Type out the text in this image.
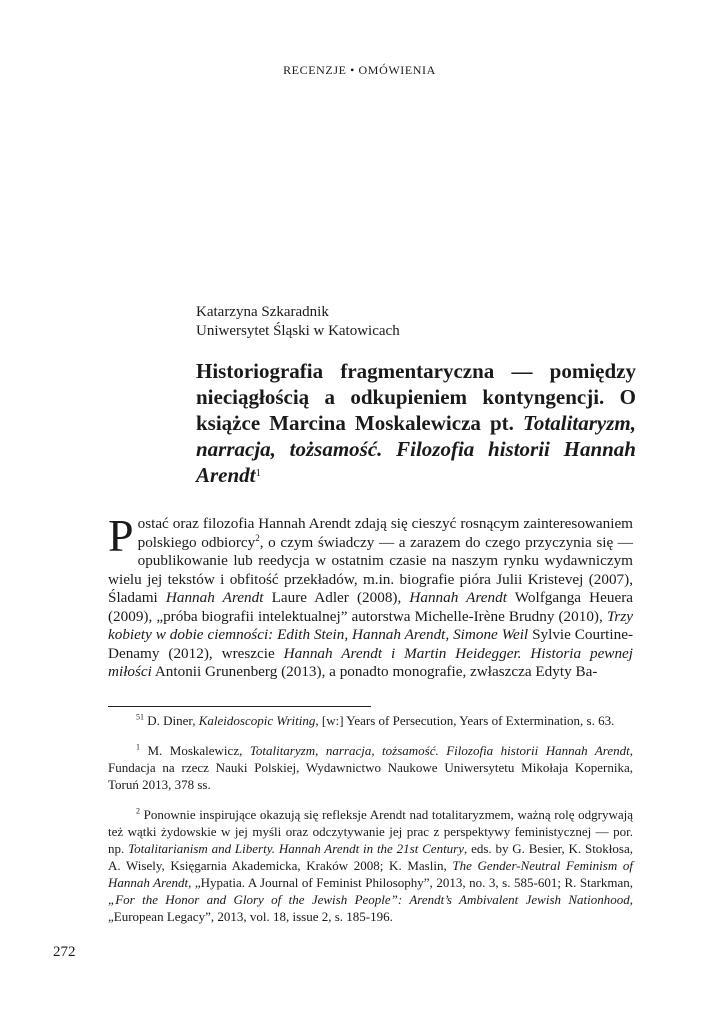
RECENZJE • OMÓWIENIA
Katarzyna Szkaradnik
Uniwersytet Śląski w Katowicach
Historiografia fragmentaryczna — pomiędzy nieciągłością a odkupieniem kontyngencji. O książce Marcina Moskalewicza pt. Totalitaryzm, narracja, tożsamość. Filozofia historii Hannah Arendt$^1$

Postać oraz filozofia Hannah Arendt zdają się cieszyć rosnącym zainteresowaniem polskiego odbiorcy$^2$, o czym świadczy — a zarazem do czego przyczynia się — opublikowanie lub reedycja w ostatnim czasie na naszym rynku wydawniczym wielu jej tekstów i obfitość przekładów, m.in. biografie pióra Julii Kristevej (2007), Śladami Hannah Arendt Laure Adler (2008), Hannah Arendt Wolfganga Heuera (2009), „próba biografii intelektualnej” autorstwa Michelle-Irène Brudny (2010), Trzy kobiety w dobie ciemności: Edith Stein, Hannah Arendt, Simone Weil Sylvie Courtine-Denamy (2012), wreszcie Hannah Arendt i Martin Heidegger. Historia pewnej miłości Antonii Grunenberg (2013), a ponadto monografie, zwłaszcza Edyty Ba-

$^{51}$ D. Diner, Kaleidoscopic Writing, [w:] Years of Persecution, Years of Extermination, s. 63.

$^1$ M. Moskalewicz, Totalitaryzm, narracja, tożsamość. Filozofia historii Hannah Arendt, Fundacja na rzecz Nauki Polskiej, Wydawnictwo Naukowe Uniwersytetu Mikołaja Kopernika, Toruń 2013, 378 ss.

$^2$ Ponownie inspirujące okazują się refleksje Arendt nad totalitaryzmem, ważną rolę odgrywają też wątki żydowskie w jej myśli oraz odczytywanie jej prac z perspektywy feministycznej — por. np. Totalitarianism and Liberty. Hannah Arendt in the 21st Century, eds. by G. Besier, K. Stokłosa, A. Wisely, Księgarnia Akademicka, Kraków 2008; K. Maslin, The Gender-Neutral Feminism of Hannah Arendt, „Hypatia. A Journal of Feminist Philosophy”, 2013, no. 3, s. 585-601; R. Starkman, „For the Honor and Glory of the Jewish People”: Arendt’s Ambivalent Jewish Nationhood, „European Legacy”, 2013, vol. 18, issue 2, s. 185-196.

272
